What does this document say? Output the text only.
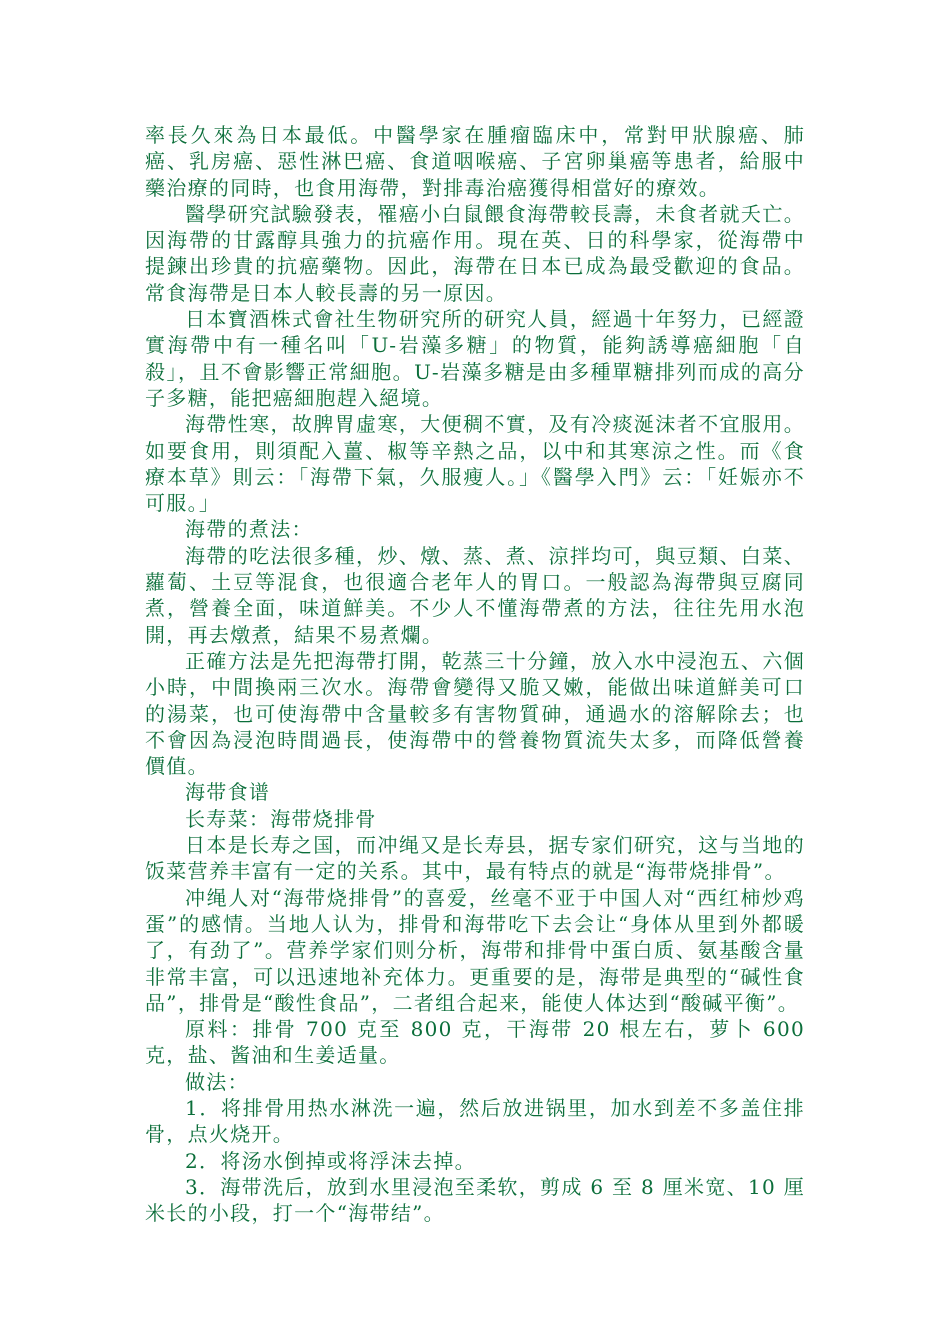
率長久來為日本最低。中醫學家在腫瘤臨床中，常對甲狀腺癌、肺癌、乳房癌、惡性淋巴癌、食道咽喉癌、子宮卵巢癌等患者，給服中藥治療的同時，也食用海帶，對排毒治癌獲得相當好的療效。

醫學研究試驗發表，罹癌小白鼠餵食海帶較長壽，未食者就夭亡。因海帶的甘露醇具強力的抗癌作用。現在英、日的科學家，從海帶中提鍊出珍貴的抗癌藥物。因此，海帶在日本已成為最受歡迎的食品。常食海帶是日本人較長壽的另一原因。

日本寶酒株式會社生物研究所的研究人員，經過十年努力，已經證實海帶中有一種名叫「U-岩藻多糖」的物質，能夠誘導癌細胞「自殺」，且不會影響正常細胞。U-岩藻多糖是由多種單糖排列而成的高分子多糖，能把癌細胞趕入絕境。

海帶性寒，故脾胃虛寒，大便稠不實，及有冷痰涎沫者不宜服用。如要食用，則須配入薑、椒等辛熱之品，以中和其寒涼之性。而《食療本草》則云：「海帶下氣，久服瘦人。」《醫學入門》云：「妊娠亦不可服。」

海帶的煮法：

海帶的吃法很多種，炒、燉、蒸、煮、涼拌均可，與豆類、白菜、蘿蔔、土豆等混食，也很適合老年人的胃口。一般認為海帶與豆腐同煮，營養全面，味道鮮美。不少人不懂海帶煮的方法，往往先用水泡開，再去燉煮，結果不易煮爛。

正確方法是先把海帶打開，乾蒸三十分鐘，放入水中浸泡五、六個小時，中間換兩三次水。海帶會變得又脆又嫩，能做出味道鮮美可口的湯菜，也可使海帶中含量較多有害物質砷，通過水的溶解除去；也不會因為浸泡時間過長，使海帶中的營養物質流失太多，而降低營養價值。

海带食谱

长寿菜：海带烧排骨

日本是长寿之国，而冲绳又是长寿县，据专家们研究，这与当地的饭菜营养丰富有一定的关系。其中，最有特点的就是“海带烧排骨”。

冲绳人对“海带烧排骨”的喜爱，丝毫不亚于中国人对“西红柿炒鸡蛋”的感情。当地人认为，排骨和海带吃下去会让“身体从里到外都暖了，有劲了”。营养学家们则分析，海带和排骨中蛋白质、氨基酸含量非常丰富，可以迅速地补充体力。更重要的是，海带是典型的“碱性食品”，排骨是“酸性食品”，二者组合起来，能使人体达到“酸碱平衡”。

原料：排骨 700 克至 800 克，干海带 20 根左右，萝卜 600 克，盐、酱油和生姜适量。

做法：

1．将排骨用热水淋洗一遍，然后放进锅里，加水到差不多盖住排骨，点火烧开。

2．将汤水倒掉或将浮沫去掉。

3．海带洗后，放到水里浸泡至柔软，剪成 6 至 8 厘米宽、10 厘米长的小段，打一个“海带结”。
